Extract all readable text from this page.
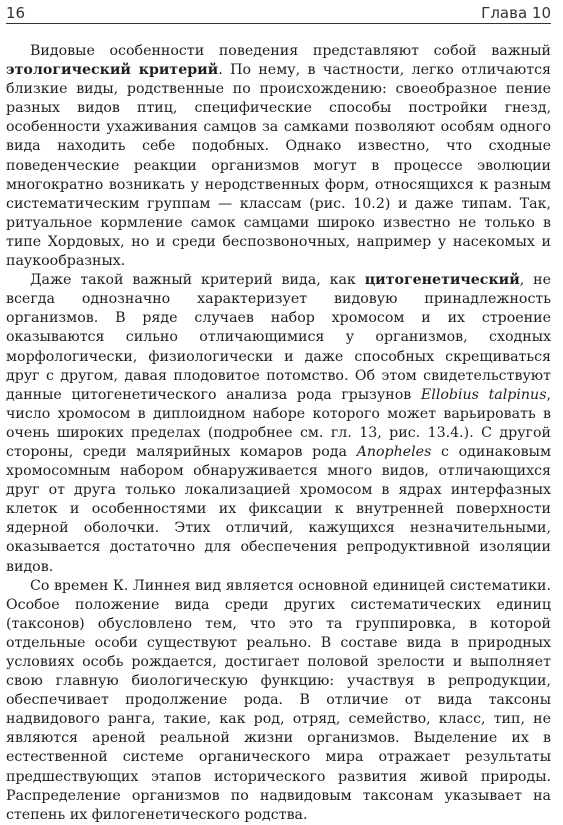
16	Глава 10

Видовые особенности поведения представляют собой важный этологический критерий. По нему, в частности, легко отличаются близкие виды, родственные по происхождению: своеобразное пение разных видов птиц, специфические способы постройки гнезд, особенности ухаживания самцов за самками позволяют особям одного вида находить себе подобных. Однако известно, что сходные поведенческие реакции организмов могут в процессе эволюции многократно возникать у неродственных форм, относящихся к разным систематическим группам — классам (рис. 10.2) и даже типам. Так, ритуальное кормление самок самцами широко известно не только в типе Хордовых, но и среди беспозвоночных, например у насекомых и паукообразных.

Даже такой важный критерий вида, как цитогенетический, не всегда однозначно характеризует видовую принадлежность организмов. В ряде случаев набор хромосом и их строение оказываются сильно отличающимися у организмов, сходных морфологически, физиологически и даже способных скрещиваться друг с другом, давая плодовитое потомство. Об этом свидетельствуют данные цитогенетического анализа рода грызунов Ellobius talpinus, число хромосом в диплоидном наборе которого может варьировать в очень широких пределах (подробнее см. гл. 13, рис. 13.4.). С другой стороны, среди малярийных комаров рода Anopheles с одинаковым хромосомным набором обнаруживается много видов, отличающихся друг от друга только локализацией хромосом в ядрах интерфазных клеток и особенностями их фиксации к внутренней поверхности ядерной оболочки. Этих отличий, кажущихся незначительными, оказывается достаточно для обеспечения репродуктивной изоляции видов.

Со времен К. Линнея вид является основной единицей систематики. Особое положение вида среди других систематических единиц (таксонов) обусловлено тем, что это та группировка, в которой отдельные особи существуют реально. В составе вида в природных условиях особь рождается, достигает половой зрелости и выполняет свою главную биологическую функцию: участвуя в репродукции, обеспечивает продолжение рода. В отличие от вида таксоны надвидового ранга, такие, как род, отряд, семейство, класс, тип, не являются ареной реальной жизни организмов. Выделение их в естественной системе органического мира отражает результаты предшествующих этапов исторического развития живой природы. Распределение организмов по надвидовым таксонам указывает на степень их филогенетического родства.
